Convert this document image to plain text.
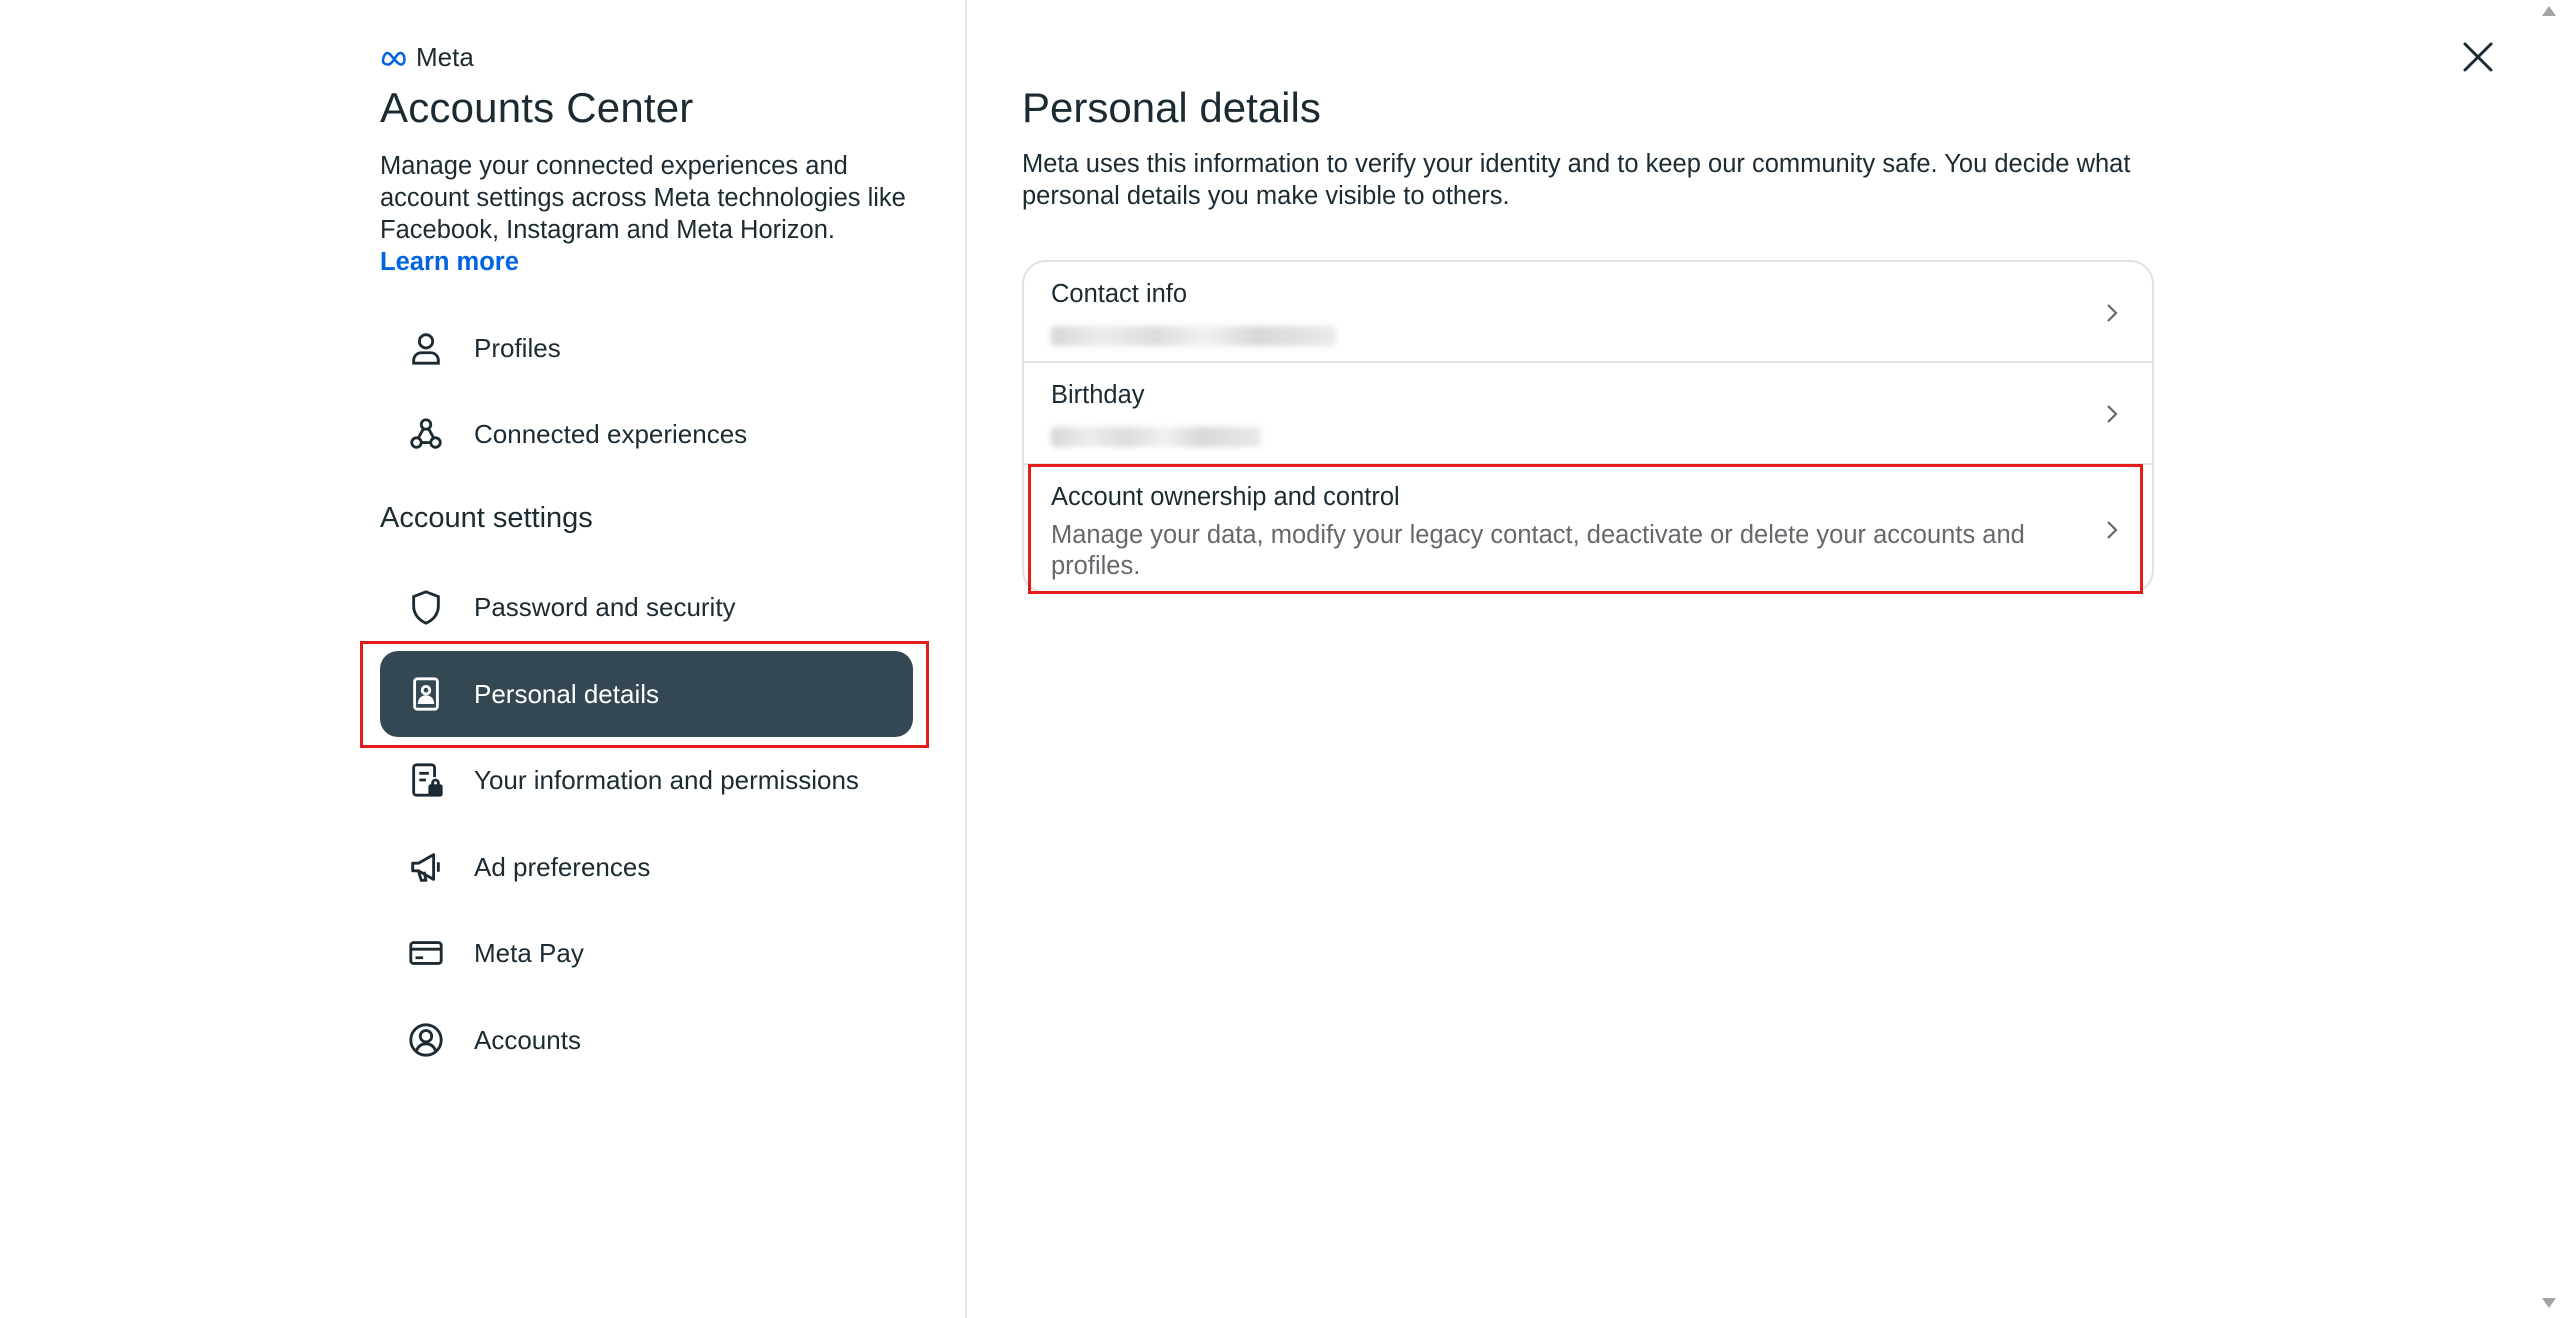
Meta
Accounts Center

Manage your connected experiences and account settings across Meta technologies like Facebook, Instagram and Meta Horizon.
Learn more

Profiles
Connected experiences
Account settings
Password and security
Personal details
Your information and permissions
Ad preferences
Meta Pay
Accounts
Personal details

Meta uses this information to verify your identity and to keep our community safe. You decide what personal details you make visible to others.

Contact info
Birthday
Account ownership and control
Manage your data, modify your legacy contact, deactivate or delete your accounts and profiles.
